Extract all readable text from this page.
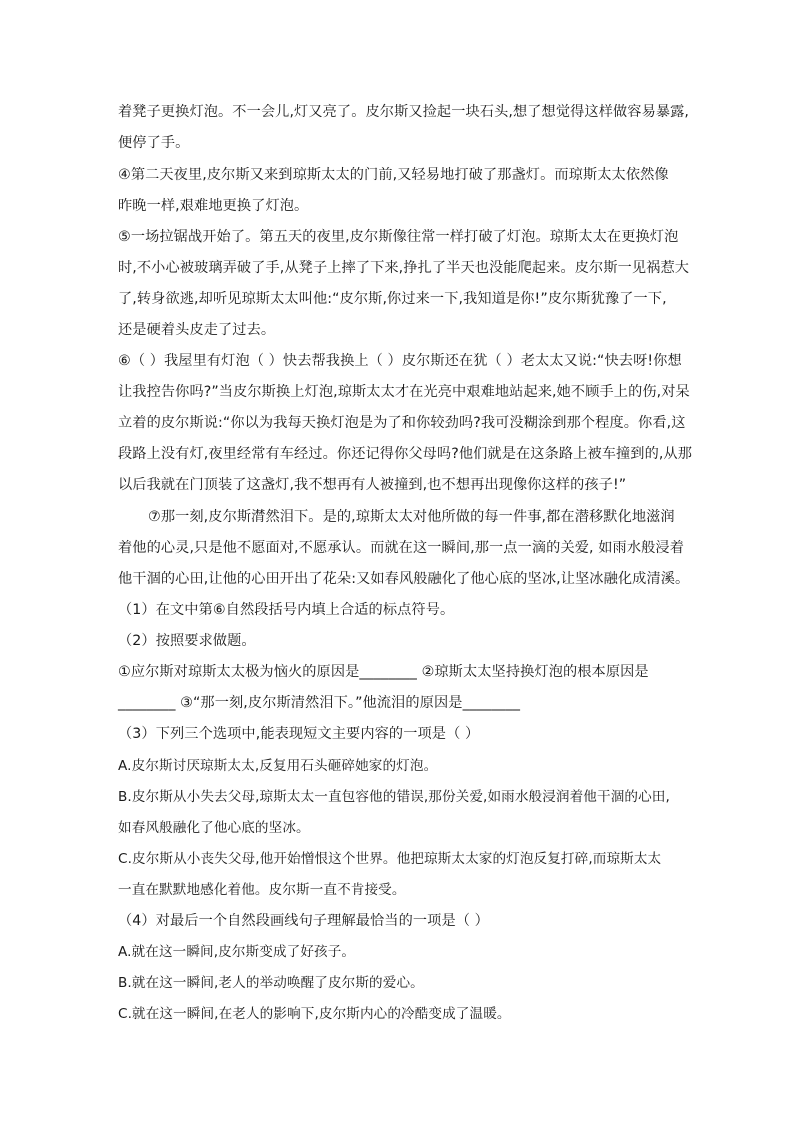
着凳子更换灯泡。不一会儿,灯又亮了。皮尔斯又捡起一块石头,想了想觉得这样做容易暴露,
便停了手。
④第二天夜里,皮尔斯又来到琼斯太太的门前,又轻易地打破了那盏灯。而琼斯太太依然像
昨晚一样,艰难地更换了灯泡。
⑤一场拉锯战开始了。第五天的夜里,皮尔斯像往常一样打破了灯泡。琼斯太太在更换灯泡
时,不小心被玻璃弄破了手,从凳子上摔了下来,挣扎了半天也没能爬起来。皮尔斯一见祸惹大
了,转身欲逃,却听见琼斯太太叫他:“皮尔斯,你过来一下,我知道是你!”皮尔斯犹豫了一下,
还是硬着头皮走了过去。
⑥（ ）我屋里有灯泡（ ）快去帮我换上（ ）皮尔斯还在犹（ ）老太太又说:“快去呀!你想
让我控告你吗?”当皮尔斯换上灯泡,琼斯太太才在光亮中艰难地站起来,她不顾手上的伤,对呆
立着的皮尔斯说:“你以为我每天换灯泡是为了和你较劲吗?我可没糊涂到那个程度。你看,这
段路上没有灯,夜里经常有车经过。你还记得你父母吗?他们就是在这条路上被车撞到的,从那
以后我就在门顶装了这盏灯,我不想再有人被撞到,也不想再出现像你这样的孩子!”
⑦那一刻,皮尔斯潸然泪下。是的,琼斯太太对他所做的每一件事,都在潜移默化地滋润
着他的心灵,只是他不愿面对,不愿承认。而就在这一瞬间,那一点一滴的关爱, 如雨水般浸着
他干涸的心田,让他的心田开出了花朵:又如春风般融化了他心底的坚冰,让坚冰融化成清溪。
（1）在文中第⑥自然段括号内填上合适的标点符号。
（2）按照要求做题。
①应尔斯对琼斯太太极为恼火的原因是________ ②琼斯太太坚持换灯泡的根本原因是
________ ③“那一刻,皮尔斯清然泪下。”他流泪的原因是________
（3）下列三个选项中,能表现短文主要内容的一项是（ ）
A.皮尔斯讨厌琼斯太太,反复用石头砸碎她家的灯泡。
B.皮尔斯从小失去父母,琼斯太太一直包容他的错误,那份关爱,如雨水般浸润着他干涸的心田,
如春风般融化了他心底的坚冰。
C.皮尔斯从小丧失父母,他开始憎恨这个世界。他把琼斯太太家的灯泡反复打碎,而琼斯太太
一直在默默地感化着他。皮尔斯一直不肯接受。
（4）对最后一个自然段画线句子理解最恰当的一项是（ ）
A.就在这一瞬间,皮尔斯变成了好孩子。
B.就在这一瞬间,老人的举动唤醒了皮尔斯的爱心。
C.就在这一瞬间,在老人的影响下,皮尔斯内心的冷酷变成了温暖。
